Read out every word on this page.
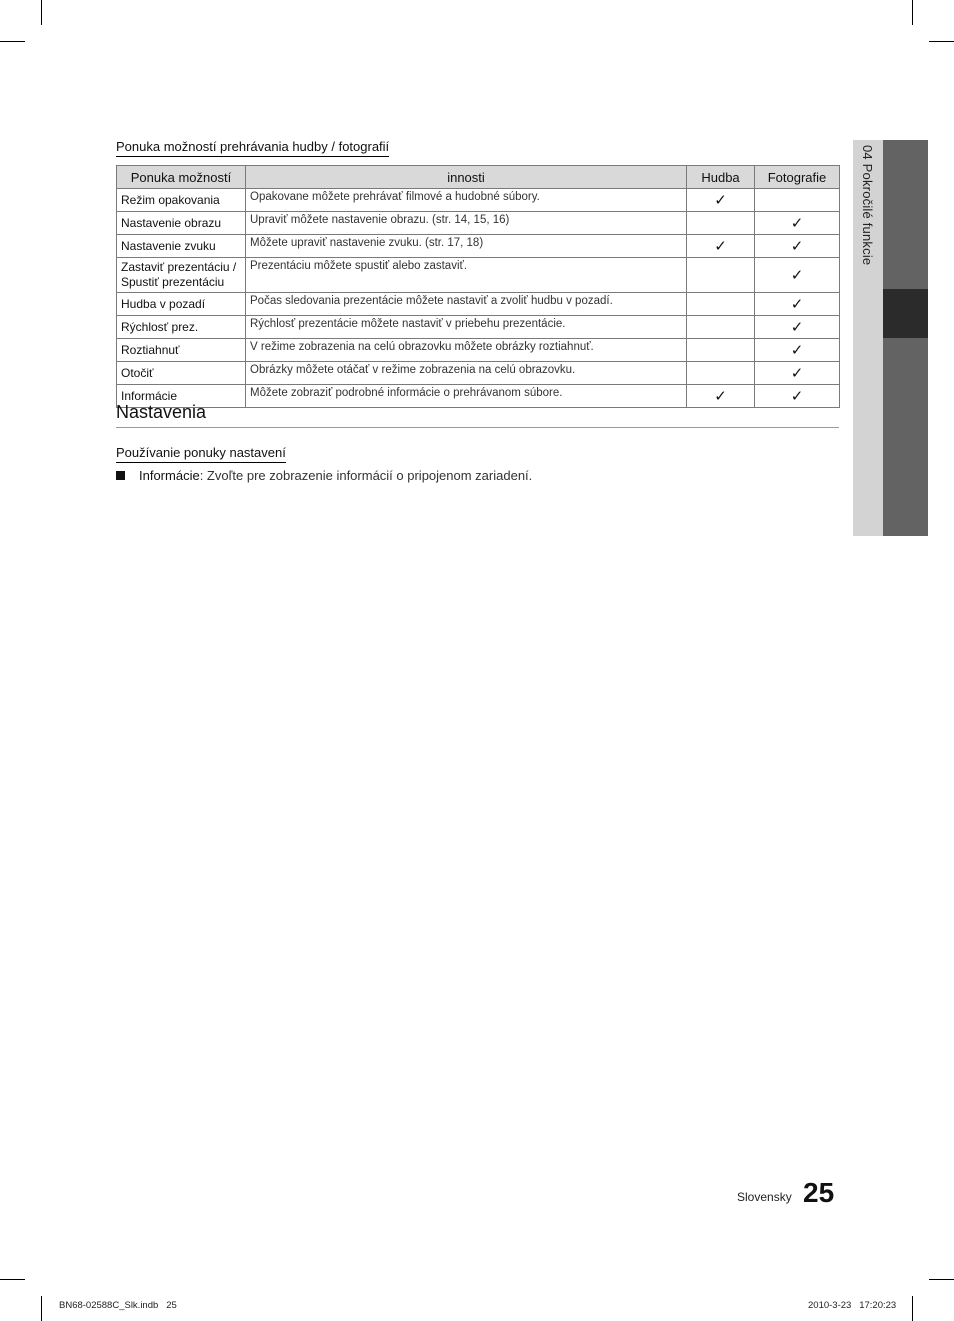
04 Pokročilé funkcie
Ponuka možností prehrávania hudby / fotografií
Ponuka možností	innosti	Hudba	Fotografie
Režim opakovania	Opakovane môžete prehrávať filmové a hudobné súbory.	✓	
Nastavenie obrazu	Upraviť môžete nastavenie obrazu. (str. 14, 15, 16)		✓
Nastavenie zvuku	Môžete upraviť nastavenie zvuku. (str. 17, 18)	✓	✓
Zastaviť prezentáciu / Spustiť prezentáciu	Prezentáciu môžete spustiť alebo zastaviť.		✓
Hudba v pozadí	Počas sledovania prezentácie môžete nastaviť a zvoliť hudbu v pozadí.		✓
Rýchlosť prez.	Rýchlosť prezentácie môžete nastaviť v priebehu prezentácie.		✓
Roztiahnuť	V režime zobrazenia na celú obrazovku môžete obrázky roztiahnuť.		✓
Otočiť	Obrázky môžete otáčať v režime zobrazenia na celú obrazovku.		✓
Informácie	Môžete zobraziť podrobné informácie o prehrávanom súbore.	✓	✓
Nastavenia
Používanie ponuky nastavení
Informácie: Zvoľte pre zobrazenie informácií o pripojenom zariadení.
Slovensky 25
BN68-02588C_Slk.indb   25	2010-3-23   17:20:23
